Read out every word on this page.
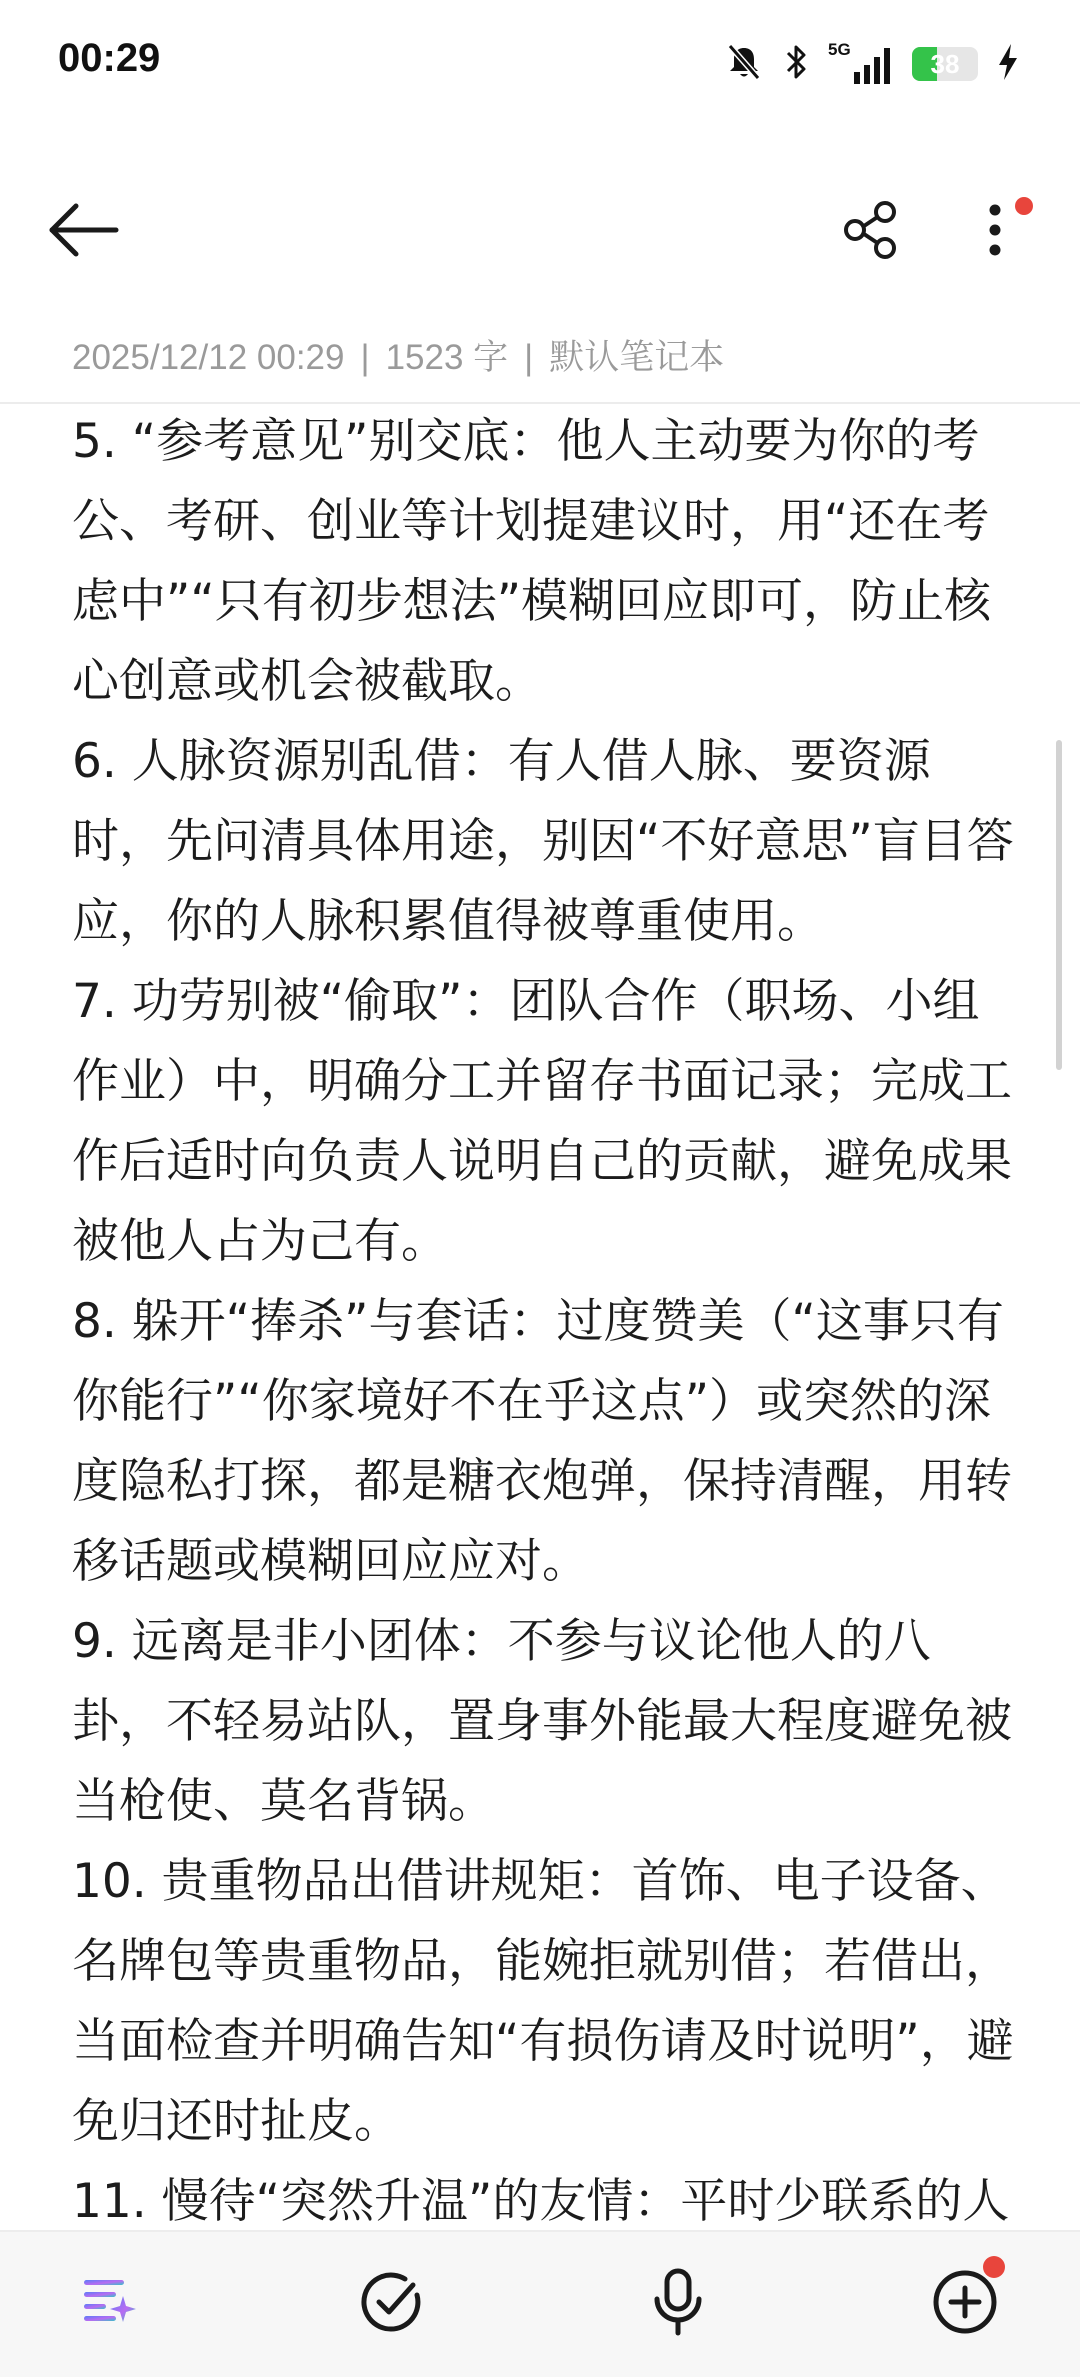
00:29	5G	38
2025/12/12 00:29 | 1523 字 | 默认笔记本

5. “参考意见”别交底：他人主动要为你的考公、考研、创业等计划提建议时，用“还在考虑中”“只有初步想法”模糊回应即可，防止核心创意或机会被截取。

6. 人脉资源别乱借：有人借人脉、要资源时，先问清具体用途，别因“不好意思”盲目答应，你的人脉积累值得被尊重使用。

7. 功劳别被“偷取”：团队合作（职场、小组作业）中，明确分工并留存书面记录；完成工作后适时向负责人说明自己的贡献，避免成果被他人占为己有。

8. 躲开“捧杀”与套话：过度赞美（“这事只有你能行”“你家境好不在乎这点”）或突然的深度隐私打探，都是糖衣炮弹，保持清醒，用转移话题或模糊回应应对。

9. 远离是非小团体：不参与议论他人的八卦，不轻易站队，置身事外能最大程度避免被当枪使、莫名背锅。

10. 贵重物品出借讲规矩：首饰、电子设备、名牌包等贵重物品，能婉拒就别借；若借出，当面检查并明确告知“有损伤请及时说明”，避免归还时扯皮。

11. 慢待“突然升温”的友情：平时少联系的人
